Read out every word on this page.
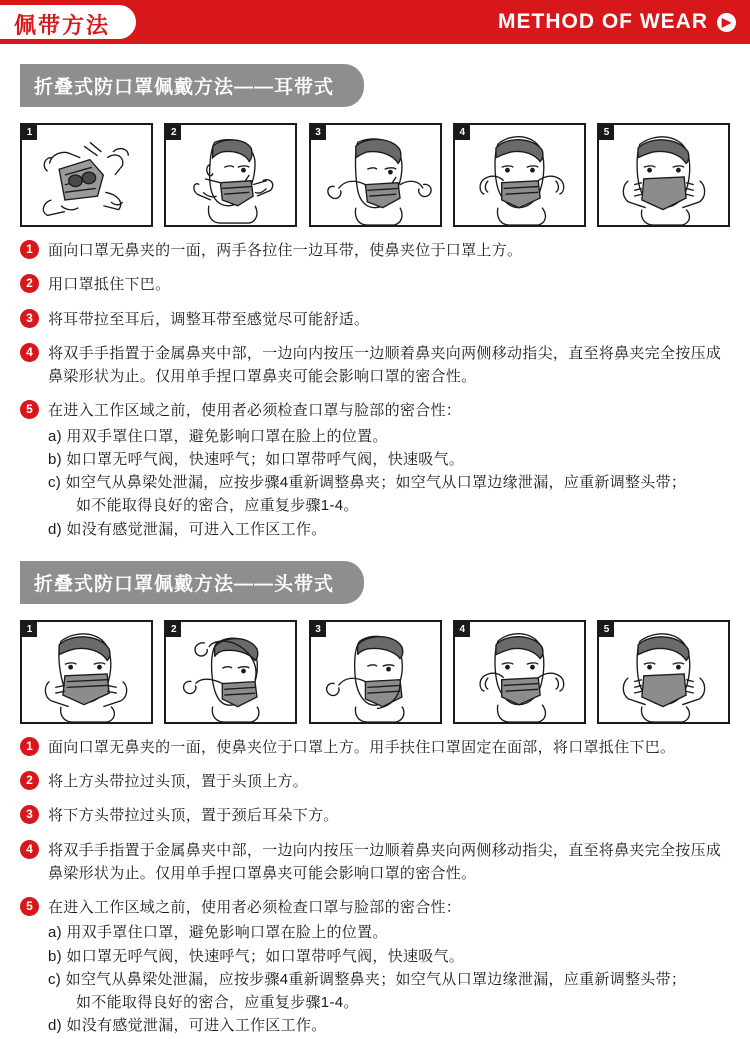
佩带方法	METHOD OF WEAR	▶
折叠式防口罩佩戴方法——耳带式
1	2	3	4	5
1	面向口罩无鼻夹的一面，两手各拉住一边耳带，使鼻夹位于口罩上方。
2	用口罩抵住下巴。
3	将耳带拉至耳后，调整耳带至感觉尽可能舒适。
4	将双手手指置于金属鼻夹中部，一边向内按压一边顺着鼻夹向两侧移动指尖，直至将鼻夹完全按压成鼻梁形状为止。仅用单手捏口罩鼻夹可能会影响口罩的密合性。
5	在进入工作区域之前，使用者必须检查口罩与脸部的密合性：
a) 用双手罩住口罩，避免影响口罩在脸上的位置。
b) 如口罩无呼气阀，快速呼气；如口罩带呼气阀，快速吸气。
c) 如空气从鼻梁处泄漏，应按步骤4重新调整鼻夹；如空气从口罩边缘泄漏，应重新调整头带；
如不能取得良好的密合，应重复步骤1-4。
d) 如没有感觉泄漏，可进入工作区工作。
折叠式防口罩佩戴方法——头带式
1	2	3	4	5
1	面向口罩无鼻夹的一面，使鼻夹位于口罩上方。用手扶住口罩固定在面部，将口罩抵住下巴。
2	将上方头带拉过头顶，置于头顶上方。
3	将下方头带拉过头顶，置于颈后耳朵下方。
4	将双手手指置于金属鼻夹中部，一边向内按压一边顺着鼻夹向两侧移动指尖，直至将鼻夹完全按压成鼻梁形状为止。仅用单手捏口罩鼻夹可能会影响口罩的密合性。
5	在进入工作区域之前，使用者必须检查口罩与脸部的密合性：
a) 用双手罩住口罩，避免影响口罩在脸上的位置。
b) 如口罩无呼气阀，快速呼气；如口罩带呼气阀，快速吸气。
c) 如空气从鼻梁处泄漏，应按步骤4重新调整鼻夹；如空气从口罩边缘泄漏，应重新调整头带；
如不能取得良好的密合，应重复步骤1-4。
d) 如没有感觉泄漏，可进入工作区工作。
